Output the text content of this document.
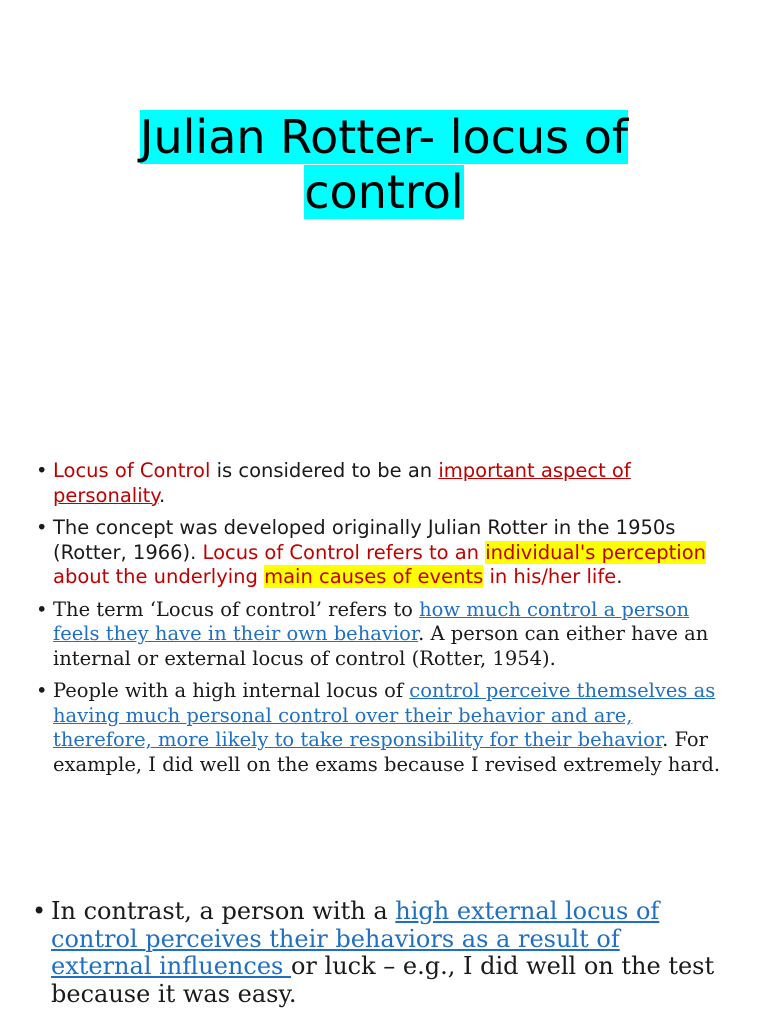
Julian Rotter- locus of
control
• Locus of Control is considered to be an important aspect of personality.
• The concept was developed originally Julian Rotter in the 1950s (Rotter, 1966). Locus of Control refers to an individual's perception about the underlying main causes of events in his/her life.
• The term ‘Locus of control’ refers to how much control a person feels they have in their own behavior. A person can either have an internal or external locus of control (Rotter, 1954).
• People with a high internal locus of control perceive themselves as having much personal control over their behavior and are, therefore, more likely to take responsibility for their behavior. For example, I did well on the exams because I revised extremely hard.
• In contrast, a person with a high external locus of control perceives their behaviors as a result of external influences or luck – e.g., I did well on the test because it was easy.
